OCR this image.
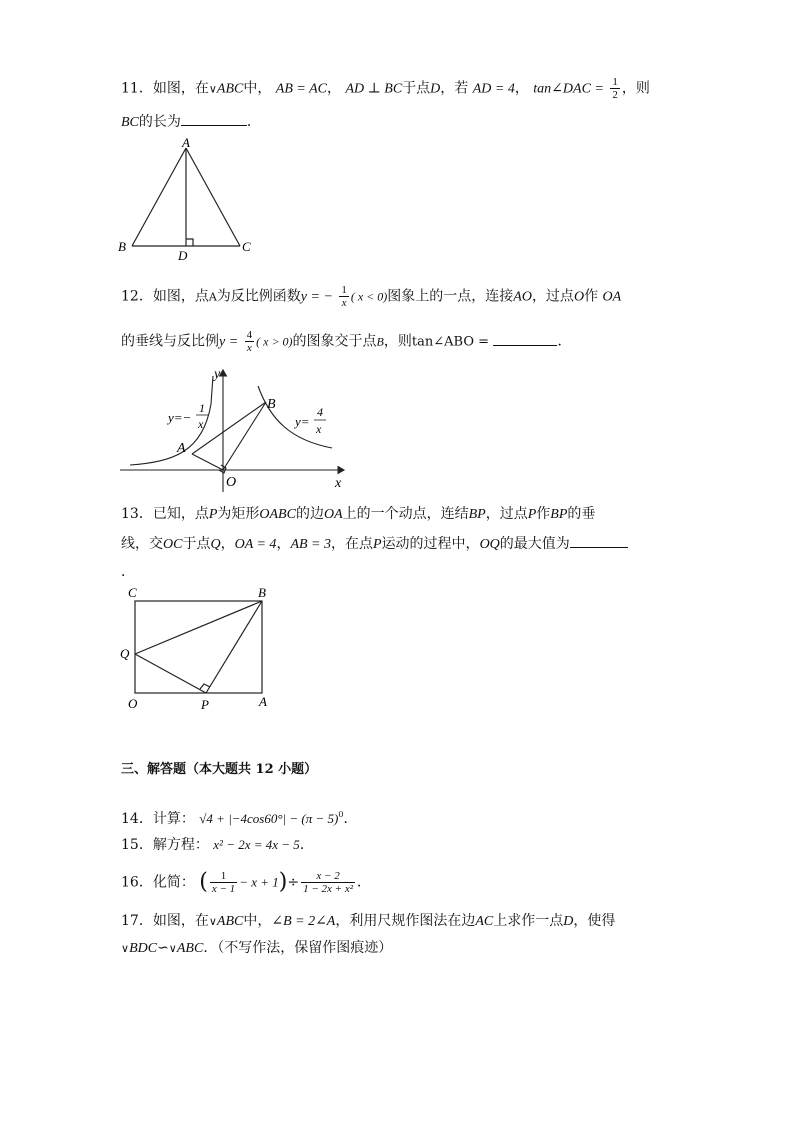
11．如图，在∨ABC中， AB = AC， AD ⊥ BC于点D，若 AD = 4， tan∠DAC = $\frac{1}{2}$ ，则
BC的长为	．
A
B	C
D
12．如图，点A为反比例函数y = − $\frac{1}{x}$ ( x < 0)图象上的一点，连接AO，过点O作 OA
的垂线与反比例$y = \frac{4}{x}$ ( x > 0)的图象交于点B，则tan∠ABO =	．
y
x
O
A
B
y=−
1
x	y=
4
x
13．已知，点P为矩形OABC的边OA上的一个动点，连结BP，过点P作BP的垂
线，交OC于点Q，OA = 4，AB = 3，在点P运动的过程中，OQ的最大值为
．
C	B
Q
O	P	A
三、解答题（本大题共 12 小题）
14．计算： $√4 + |-4\cos 60^\circ| - (\pi - 5)^0$．
15．解方程： x² − 2x = 4x − 5．
16．化简： ( $\frac{1}{x - 1} - x + 1)\div \frac{x - 2}{\text{1 − 2x + x²}}$ ．
17．如图，在∨ABC中，∠B = 2∠A，利用尺规作图法在边AC上求作一点D，使得
∨BDC∽∨ABC．（不写作法，保留作图痕迹）
